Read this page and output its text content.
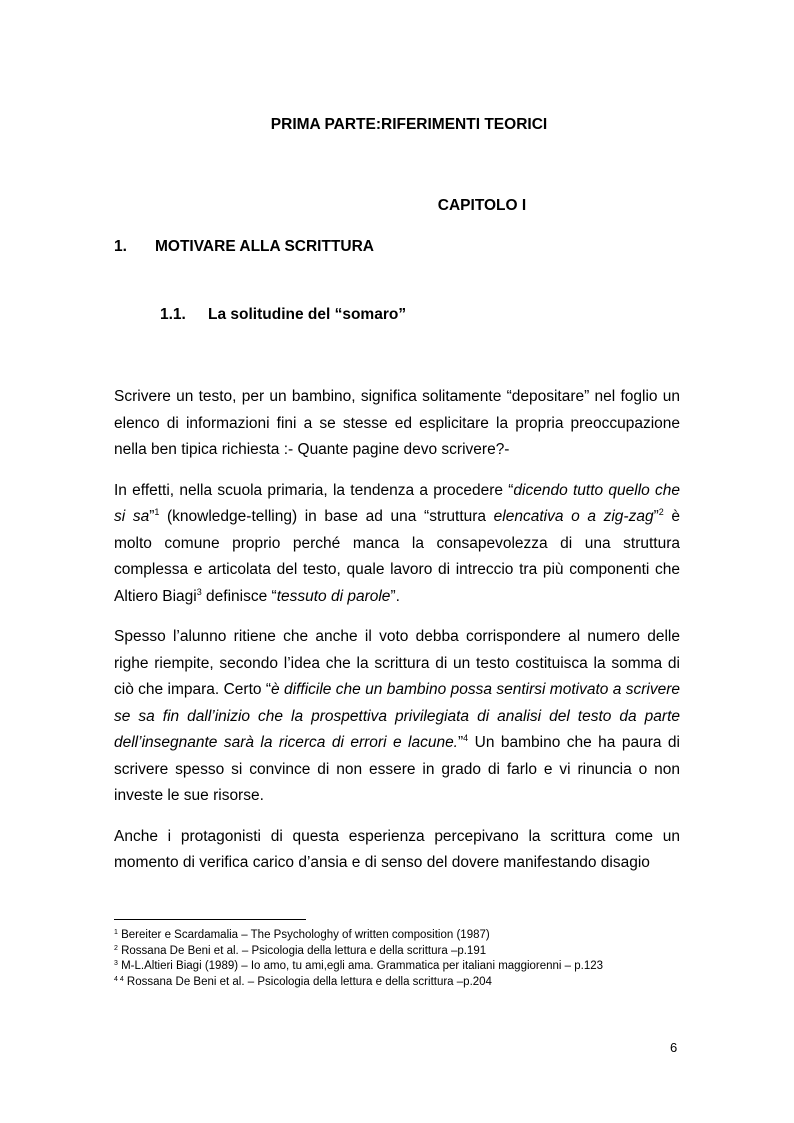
PRIMA PARTE:RIFERIMENTI TEORICI
CAPITOLO I
1. MOTIVARE ALLA SCRITTURA
1.1. La solitudine del “somaro”

Scrivere un testo, per un bambino, significa solitamente “depositare” nel foglio un elenco di informazioni fini a se stesse ed esplicitare la propria preoccupazione nella ben tipica richiesta :- Quante pagine devo scrivere?-

In effetti, nella scuola primaria, la tendenza a procedere “dicendo tutto quello che si sa”$^1$ (knowledge-telling) in base ad una “struttura elencativa o a zig-zag”$^2$ è molto comune proprio perché manca la consapevolezza di una struttura complessa e articolata del testo, quale lavoro di intreccio tra più componenti che Altiero Biagi$^3$ definisce “tessuto di parole”.

Spesso l’alunno ritiene che anche il voto debba corrispondere al numero delle righe riempite, secondo l’idea che la scrittura di un testo costituisca la somma di ciò che impara. Certo “è difficile che un bambino possa sentirsi motivato a scrivere se sa fin dall’inizio che la prospettiva privilegiata di analisi del testo da parte dell’insegnante sarà la ricerca di errori e lacune.”$^4$ Un bambino che ha paura di scrivere spesso si convince di non essere in grado di farlo e vi rinuncia o non investe le sue risorse.

Anche i protagonisti di questa esperienza percepivano la scrittura come un momento di verifica carico d’ansia e di senso del dovere manifestando disagio

$^1$ Bereiter e Scardamalia – The Psychologhy of written composition (1987)
$^2$ Rossana De Beni et al. – Psicologia della lettura e della scrittura –p.191
$^3$ M-L.Altieri Biagi (1989) – Io amo, tu ami,egli ama. Grammatica per italiani maggiorenni – p.123
$^{4 4}$ Rossana De Beni et al. – Psicologia della lettura e della scrittura –p.204
6
